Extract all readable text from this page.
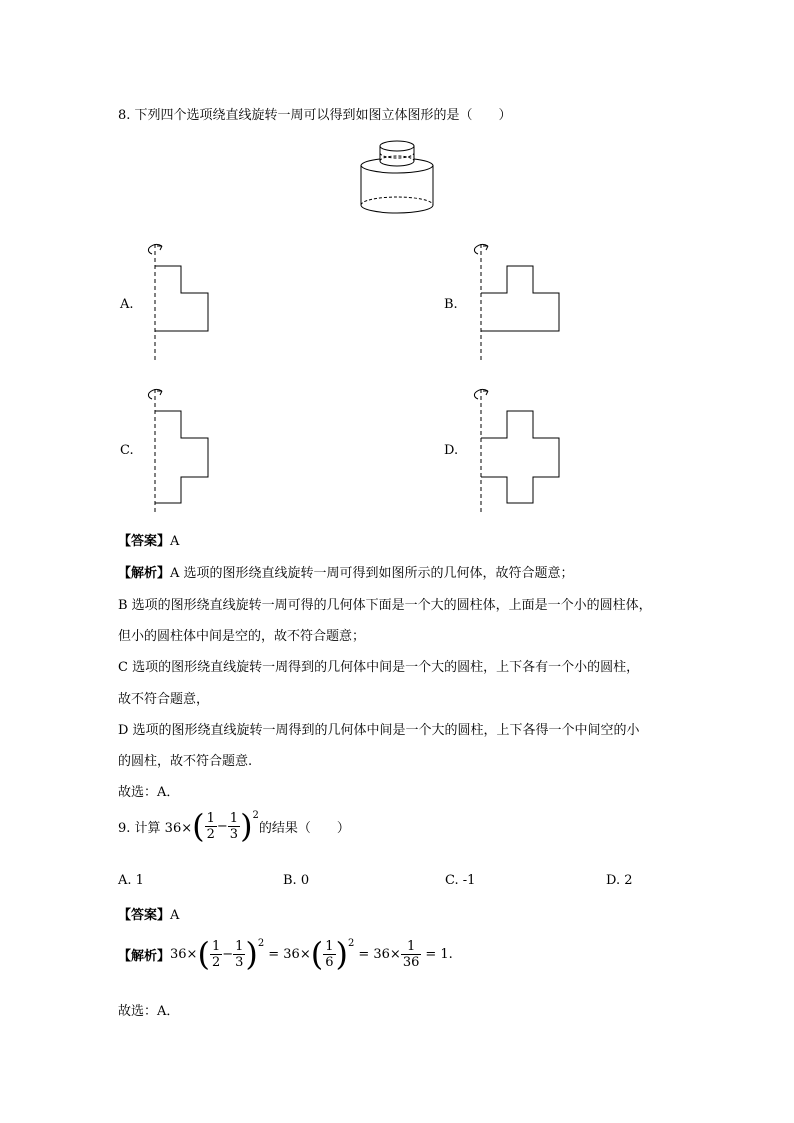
8. 下列四个选项绕直线旋转一周可以得到如图立体图形的是（　　）
A.	B.
C.	D.
【答案】A
【解析】A 选项的图形绕直线旋转一周可得到如图所示的几何体，故符合题意；
B 选项的图形绕直线旋转一周可得的几何体下面是一个大的圆柱体，上面是一个小的圆柱体，
但小的圆柱体中间是空的，故不符合题意；
C 选项的图形绕直线旋转一周得到的几何体中间是一个大的圆柱，上下各有一个小的圆柱，
故不符合题意，
D 选项的图形绕直线旋转一周得到的几何体中间是一个大的圆柱，上下各得一个中间空的小
的圆柱，故不符合题意.
故选：A．
9. 计算 36× ( $\frac{1}{2} - \frac{1}{3} )^2$
的结果（　　）
A. 1	B. 0	C. -1	D. 2
【答案】A
【解析】 36× ( $\frac{1}{2} - \frac{1}{3} )^2$
= 36× ( $\frac{1}{6} )^2$
= $36\times \frac{1}{36} = 1$.
故选：A．
